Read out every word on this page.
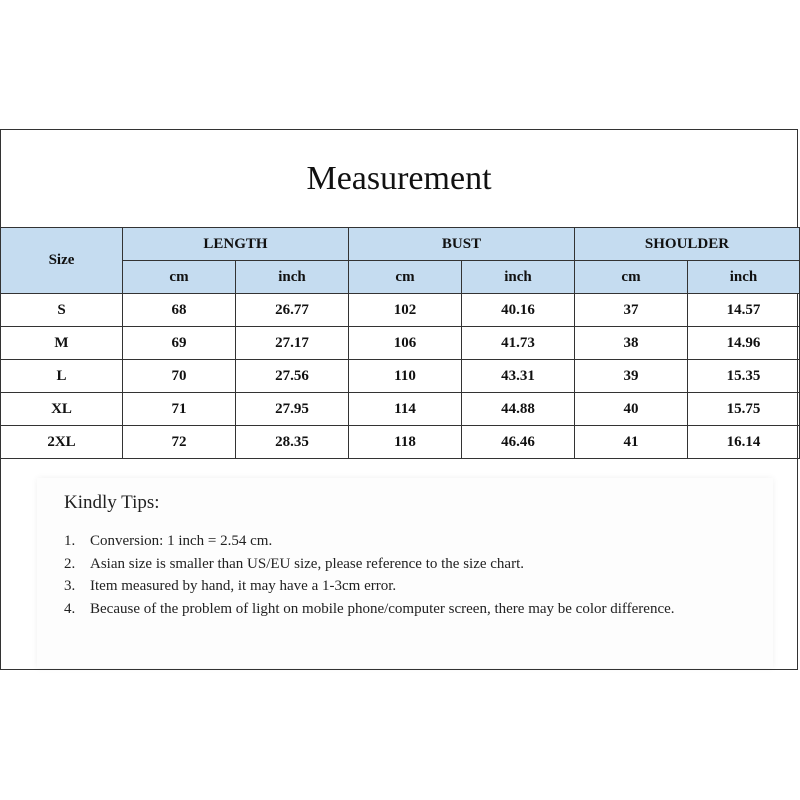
Measurement
Size	LENGTH		BUST		SHOULDER	
	cm	inch	cm	inch	cm	inch
S	68	26.77	102	40.16	37	14.57
M	69	27.17	106	41.73	38	14.96
L	70	27.56	110	43.31	39	15.35
XL	71	27.95	114	44.88	40	15.75
2XL	72	28.35	118	46.46	41	16.14
Kindly Tips:
1. Conversion: 1 inch = 2.54 cm.
2. Asian size is smaller than US/EU size, please reference to the size chart.
3. Item measured by hand, it may have a 1-3cm error.
4. Because of the problem of light on mobile phone/computer screen, there may be color difference.
